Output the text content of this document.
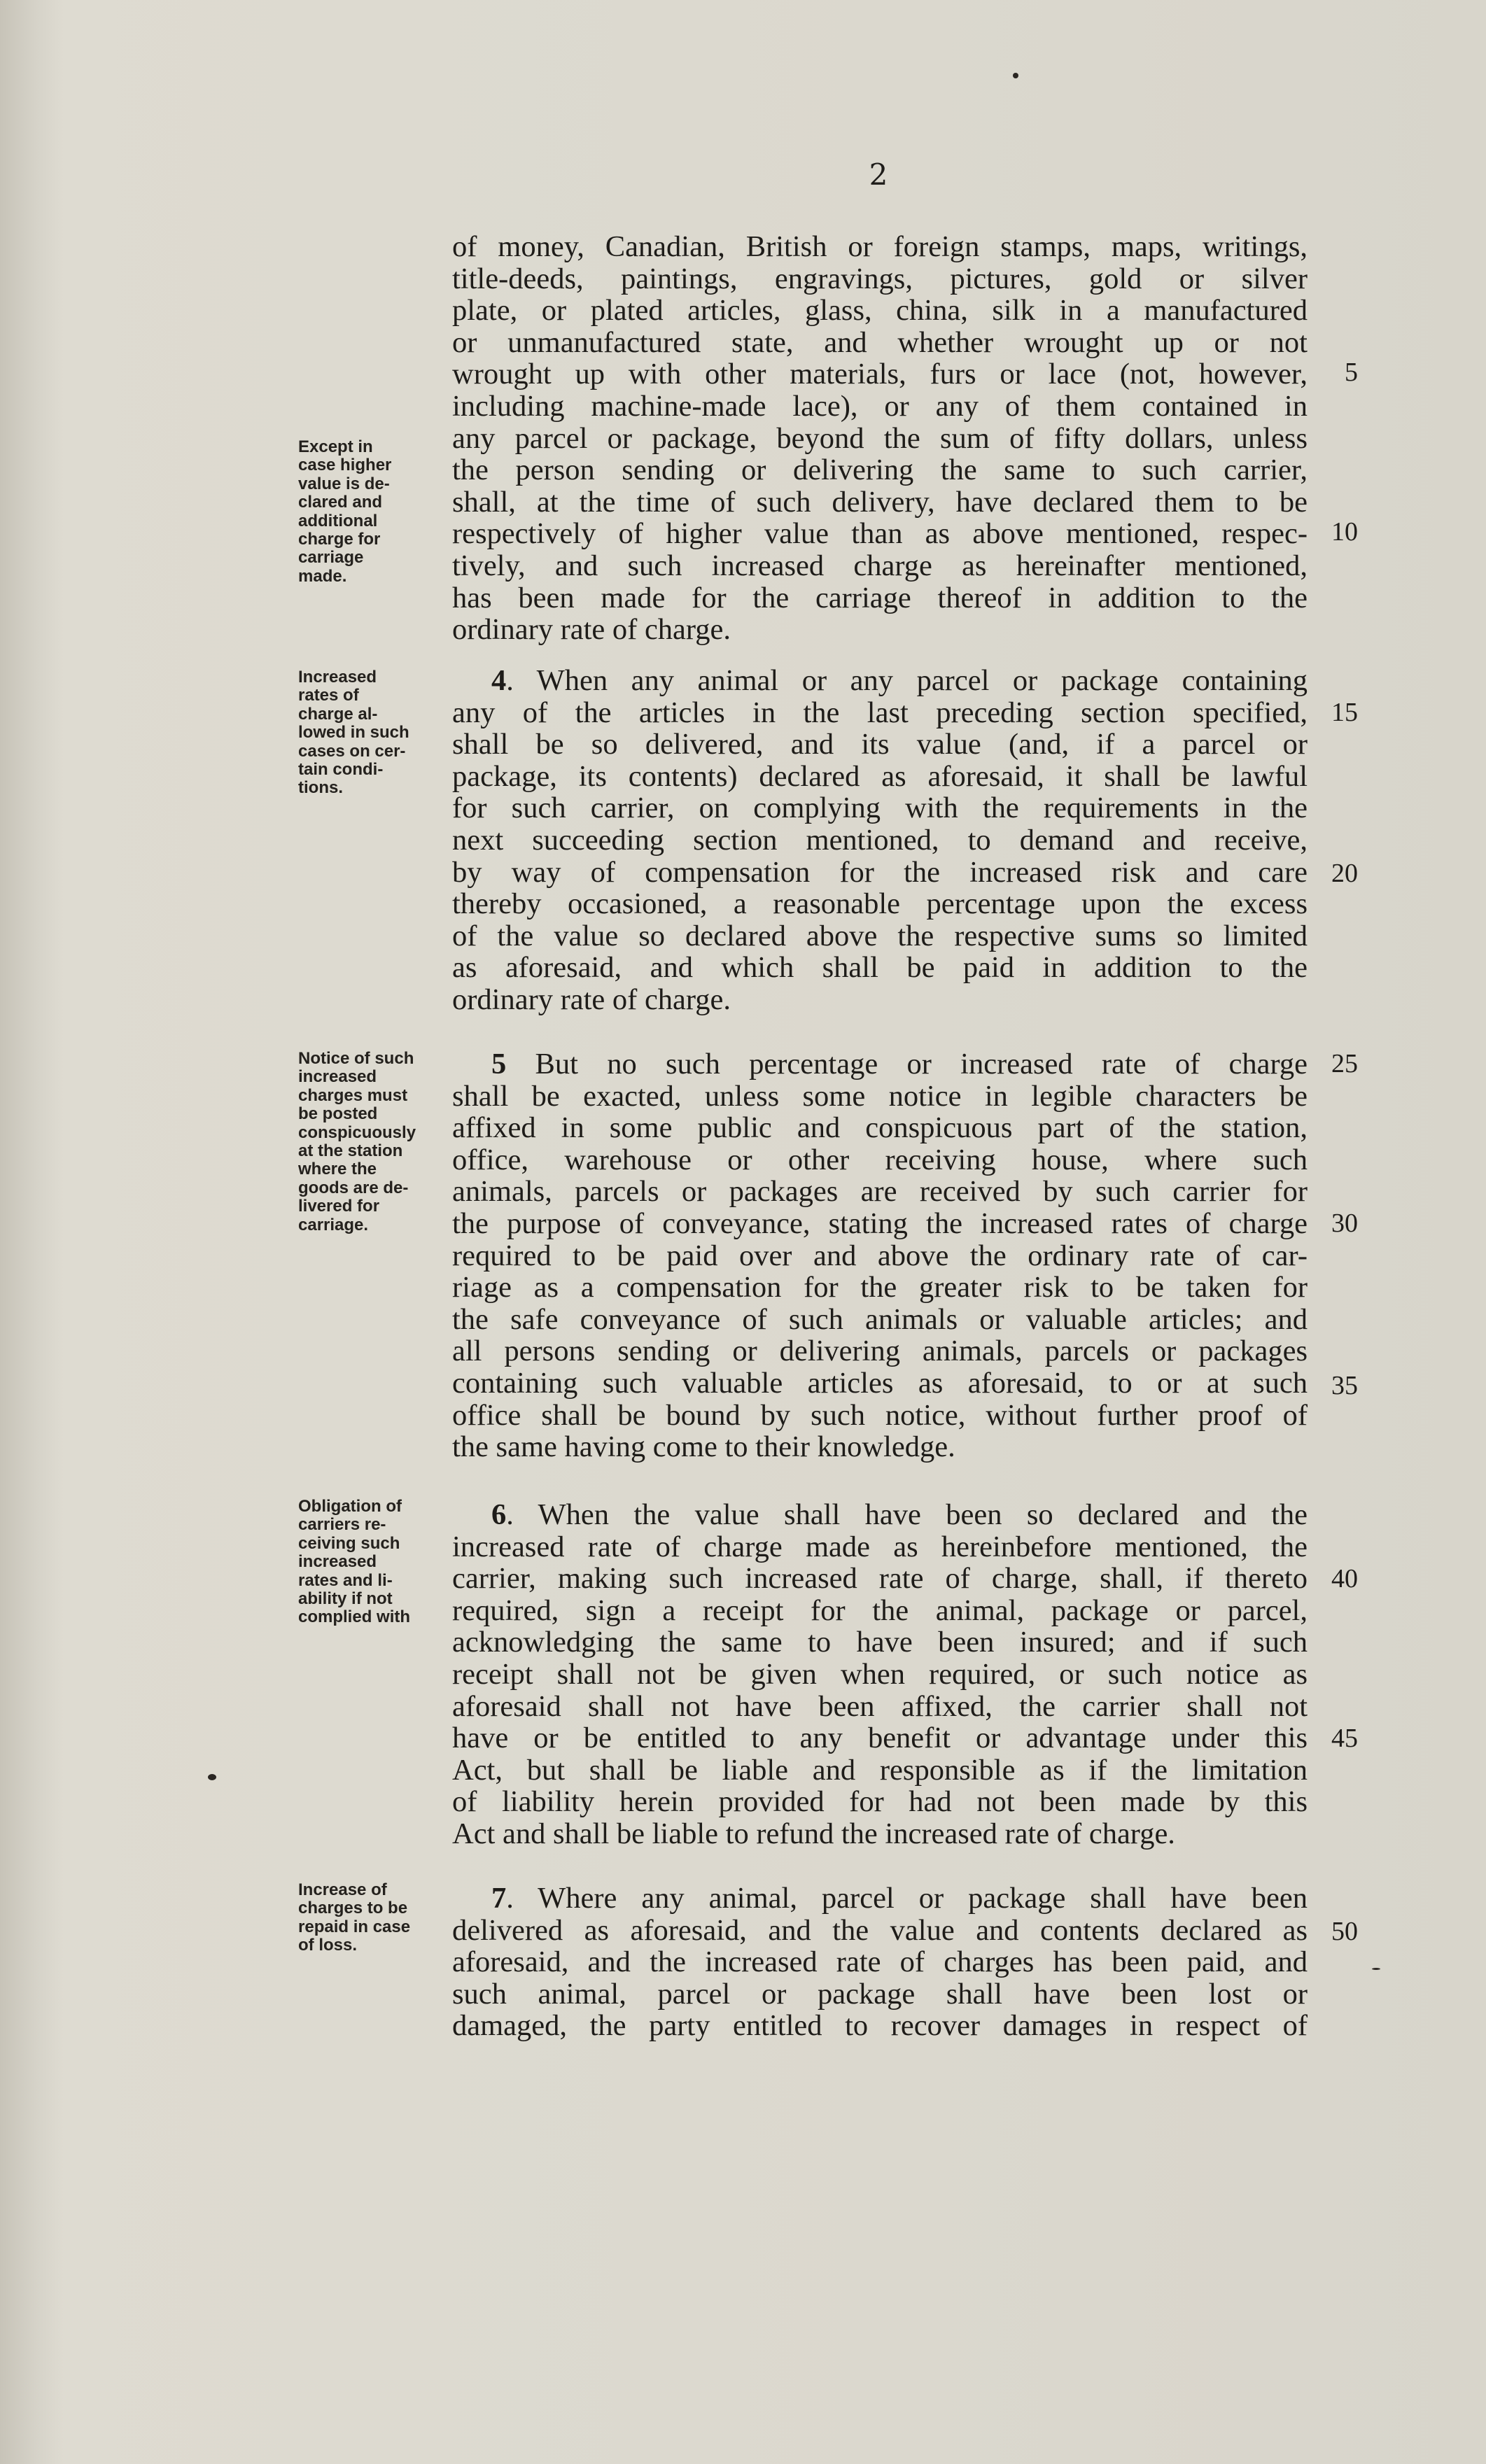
2
of money, Canadian, British or foreign stamps, maps, writings,
title-deeds, paintings, engravings, pictures, gold or silver
plate, or plated articles, glass, china, silk in a manufactured
or unmanufactured state, and whether wrought up or not
wrought up with other materials, furs or lace (not, however,
including machine-made lace), or any of them contained in
any parcel or package, beyond the sum of fifty dollars, unless
the person sending or delivering the same to such carrier,
shall, at the time of such delivery, have declared them to be
respectively of higher value than as above mentioned, respec-
tively, and such increased charge as hereinafter mentioned,
has been made for the carriage thereof in addition to the
ordinary rate of charge.
4. When any animal or any parcel or package containing
any of the articles in the last preceding section specified,
shall be so delivered, and its value (and, if a parcel or
package, its contents) declared as aforesaid, it shall be lawful
for such carrier, on complying with the requirements in the
next succeeding section mentioned, to demand and receive,
by way of compensation for the increased risk and care
thereby occasioned, a reasonable percentage upon the excess
of the value so declared above the respective sums so limited
as aforesaid, and which shall be paid in addition to the
ordinary rate of charge.
5 But no such percentage or increased rate of charge
shall be exacted, unless some notice in legible characters be
affixed in some public and conspicuous part of the station,
office, warehouse or other receiving house, where such
animals, parcels or packages are received by such carrier for
the purpose of conveyance, stating the increased rates of charge
required to be paid over and above the ordinary rate of car-
riage as a compensation for the greater risk to be taken for
the safe conveyance of such animals or valuable articles; and
all persons sending or delivering animals, parcels or packages
containing such valuable articles as aforesaid, to or at such
office shall be bound by such notice, without further proof of
the same having come to their knowledge.
6. When the value shall have been so declared and the
increased rate of charge made as hereinbefore mentioned, the
carrier, making such increased rate of charge, shall, if thereto
required, sign a receipt for the animal, package or parcel,
acknowledging the same to have been insured; and if such
receipt shall not be given when required, or such notice as
aforesaid shall not have been affixed, the carrier shall not
have or be entitled to any benefit or advantage under this
Act, but shall be liable and responsible as if the limitation
of liability herein provided for had not been made by this
Act and shall be liable to refund the increased rate of charge.
7. Where any animal, parcel or package shall have been
delivered as aforesaid, and the value and contents declared as
aforesaid, and the increased rate of charges has been paid, and
such animal, parcel or package shall have been lost or
damaged, the party entitled to recover damages in respect of
Except in
case higher
value is de-
clared and
additional
charge for
carriage
made.
Increased
rates of
charge al-
lowed in such
cases on cer-
tain condi-
tions.
Notice of such
increased
charges must
be posted
conspicuously
at the station
where the
goods are de-
livered for
carriage.
Obligation of
carriers re-
ceiving such
increased
rates and li-
ability if not
complied with
Increase of
charges to be
repaid in case
of loss.
5
10
15
20
25
30
35
40
45
50
